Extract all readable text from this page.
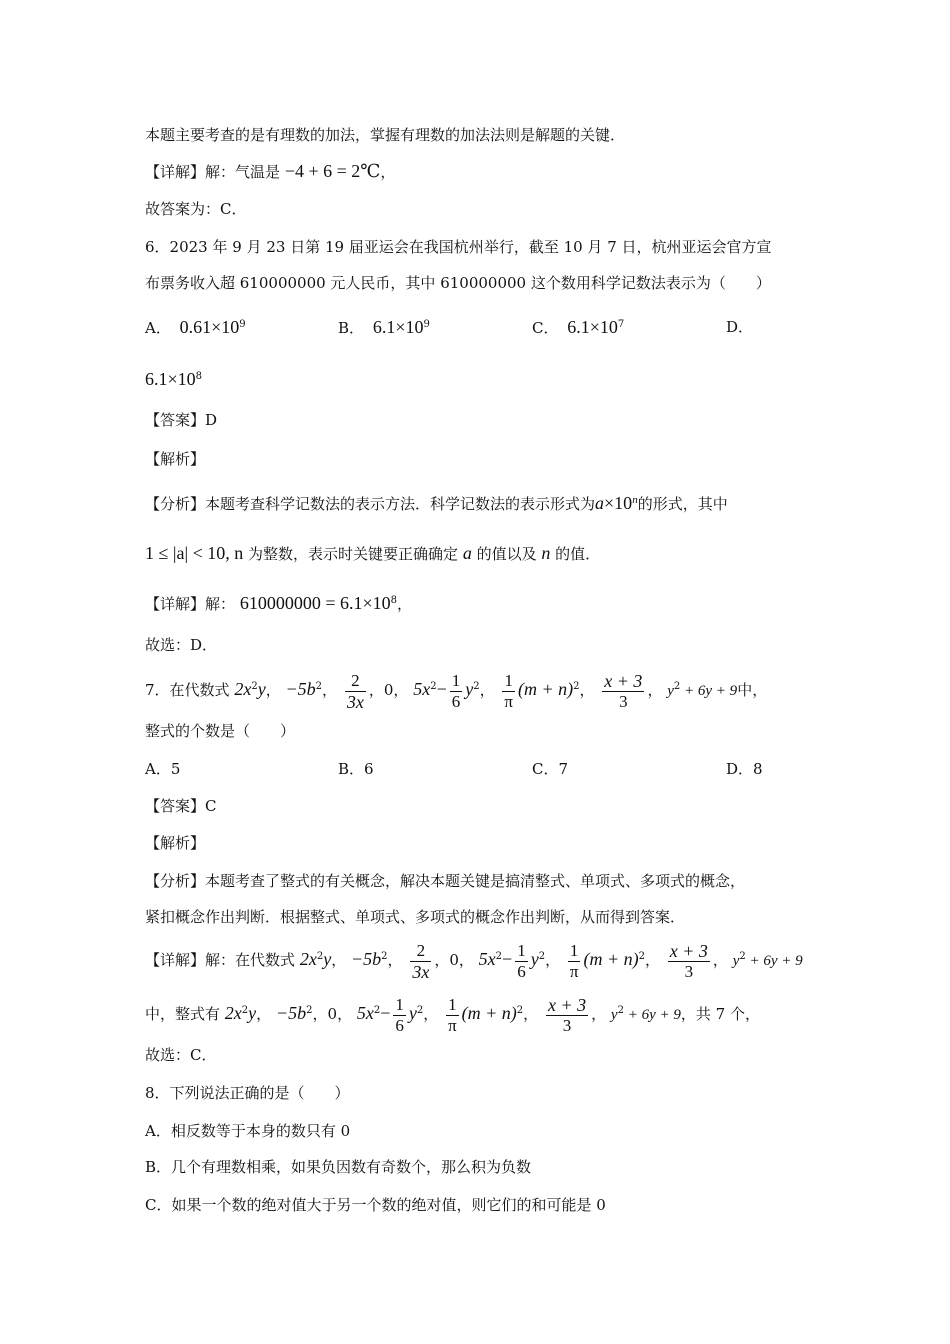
本题主要考查的是有理数的加法，掌握有理数的加法法则是解题的关键．
【详解】解：气温是 −4 + 6 = 2℃，
故答案为：C．
6．2023 年 9 月 23 日第 19 届亚运会在我国杭州举行，截至 10 月 7 日，杭州亚运会官方宣
布票务收入超 610000000 元人民币，其中 610000000 这个数用科学记数法表示为（　　）
A． $0.61\times 10^9$	B． $6.1\times 10^9$	C． $6.1\times 10^7$	D．
$6.1\times 10^8$
【答案】D
【解析】
【分析】本题考查科学记数法的表示方法．科学记数法的表示形式为$a\times 10^n$的形式，其中
1 ≤ |a| < 10, n 为整数，表示时关键要正确确定 a 的值以及 n 的值．
【详解】解： $610000000 = 6.1\times 10^8$，
故选：D．
7．在代数式 $2x^2y$， $-5b^2$， $\frac{2}{3x}$ ，0， $5x^2- \frac{1}{6} y^2$， $\frac{1}{\pi} (m + n)^2$， $\frac{x + 3}{3}$ ， $y^2 + 6y + 9$中，
整式的个数是（　　）
A．5	B．6	C．7	D．8
【答案】C
【解析】
【分析】本题考查了整式的有关概念，解决本题关键是搞清整式、单项式、多项式的概念，
紧扣概念作出判断．根据整式、单项式、多项式的概念作出判断，从而得到答案．
【详解】解：在代数式 $2x^2y$， $-5b^2$， $\frac{2}{3x}$ ，0， $5x^2- \frac{1}{6} y^2$， $\frac{1}{\pi} (m + n)^2$， $\frac{x + 3}{3}$ ， $y^2 + 6y + 9$
中，整式有 $2x^2y$， $-5b^2$，0， $5x^2- \frac{1}{6} y^2$， $\frac{1}{\pi} (m + n)^2$， $\frac{x + 3}{3}$ ， $y^2 + 6y + 9$，共 7 个，
故选：C．
8．下列说法正确的是（　　）
A．相反数等于本身的数只有 0
B．几个有理数相乘，如果负因数有奇数个，那么积为负数
C．如果一个数的绝对值大于另一个数的绝对值，则它们的和可能是 0
